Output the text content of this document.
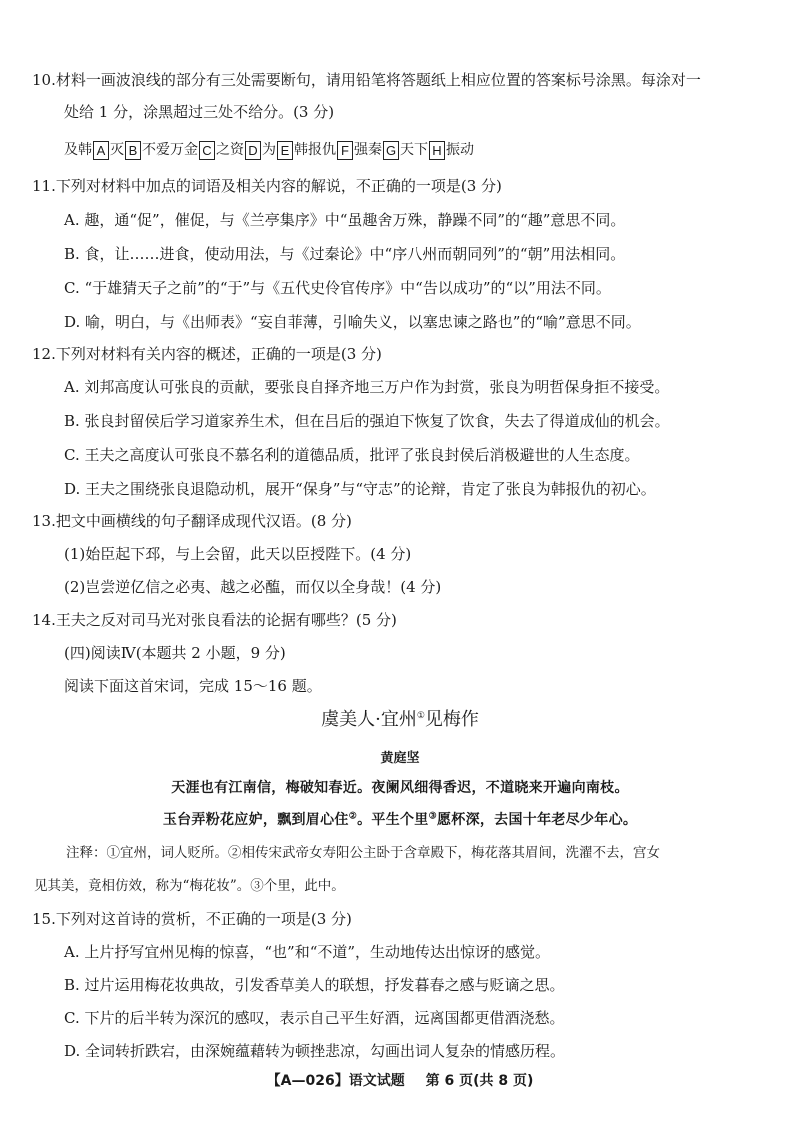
10.材料一画波浪线的部分有三处需要断句，请用铅笔将答题纸上相应位置的答案标号涂黑。每涂对一
处给 1 分，涂黑超过三处不给分。(3 分)
及韩 A 灭 B 不爱万金 C 之资 D 为 E 韩报仇 F 强秦 G 天下 H 振动
11.下列对材料中加点的词语及相关内容的解说，不正确的一项是(3 分)
A. 趣，通“促”，催促，与《兰亭集序》中“虽趣舍万殊，静躁不同”的“趣”意思不同。
B. 食，让……进食，使动用法，与《过秦论》中“序八州而朝同列”的“朝”用法相同。
C. “于雄猜天子之前”的“于”与《五代史伶官传序》中“告以成功”的“以”用法不同。
D. 喻，明白，与《出师表》“妄自菲薄，引喻失义，以塞忠谏之路也”的“喻”意思不同。
12.下列对材料有关内容的概述，正确的一项是(3 分)
A. 刘邦高度认可张良的贡献，要张良自择齐地三万户作为封赏，张良为明哲保身拒不接受。
B. 张良封留侯后学习道家养生术，但在吕后的强迫下恢复了饮食，失去了得道成仙的机会。
C. 王夫之高度认可张良不慕名利的道德品质，批评了张良封侯后消极避世的人生态度。
D. 王夫之围绕张良退隐动机，展开“保身”与“守志”的论辩，肯定了张良为韩报仇的初心。
13.把文中画横线的句子翻译成现代汉语。(8 分)
(1)始臣起下邳，与上会留，此天以臣授陛下。(4 分)
(2)岂尝逆亿信之必夷、越之必醢，而仅以全身哉！(4 分)
14.王夫之反对司马光对张良看法的论据有哪些？(5 分)
(四)阅读Ⅳ(本题共 2 小题，9 分)
阅读下面这首宋词，完成 15～16 题。
虞美人·宜州①见梅作
黄庭坚
天涯也有江南信，梅破知春近。夜阑风细得香迟，不道晓来开遍向南枝。
玉台弄粉花应妒，飘到眉心住②。平生个里③愿杯深，去国十年老尽少年心。
注释：①宜州，词人贬所。②相传宋武帝女寿阳公主卧于含章殿下，梅花落其眉间，洗濯不去，宫女
见其美，竟相仿效，称为“梅花妆”。③个里，此中。
15.下列对这首诗的赏析，不正确的一项是(3 分)
A. 上片抒写宜州见梅的惊喜，“也”和“不道”，生动地传达出惊讶的感觉。
B. 过片运用梅花妆典故，引发香草美人的联想，抒发暮春之感与贬谪之思。
C. 下片的后半转为深沉的感叹，表示自己平生好酒，远离国都更借酒浇愁。
D. 全词转折跌宕，由深婉蕴藉转为顿挫悲凉，勾画出词人复杂的情感历程。
【A—026】语文试题 第 6 页(共 8 页)
